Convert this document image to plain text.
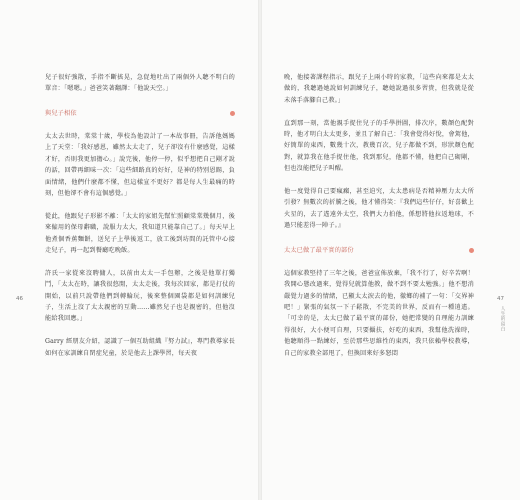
兒子很好強散，手指不斷搖晃，急促地吐出了兩個外人聽不明白的單音：「嗯嗯。」爸爸笑著翻譯：「他說天空。」

與兒子相依

太太去世時，棠棠十歲，學校為他設計了一本故事冊，告訴他媽媽上了天堂：「我好感恩，雖然太太走了，兒子卻沒有什麼感覺，這樣才好，否則我更加擔心。」說完後，他停一停，似乎想把自己剛才說的話，回帶再細味一次：「這些細路真的好好，是神的特別恩賜，負面情緒，他們什麼都不懂，但這樣宣不更好？都是每人生最痛的時刻，但他卻不會有這個感覺。」

從此，他跟兒子形影不離：「太太的家姐先幫忙照顧棠棠幾個月，後來僱用的保母辭職，說服力太大，我知道只能靠自己了。」每天早上他煮個香蕉麵餅，送兒子上學後返工，放工後到坊間的託管中心接走兒子，再一起到餐廳吃晚飯。

許氏一家從來沒聘傭人，以前由太太一手包辦，之後是他單打獨鬥，「太太在時，讓我很悠閒，太太走後，我每次回家，都是打仗的開始，以前只說帶他們到轉輪玩，後來整個園袋都是如何訓練兒子，生活上沒了太太親密的互動……雖然兒子也是親密的，但他沒能給我回應。」

Garry 經朋友介紹，認識了一個互助組織『努力試』，專門教導家長如何在家訓練自閉症兒童，於是他去上課學習，每天夜

46

晚，他接著課程指示，跟兒子上兩小時的家教，「這些向來都是太太做的，我聽過她說如何訓練兒子，聽她說過很多習貴，但我就是從未落手落腳自己教。」

直到那一刻，當他親手捉住兒子的手學拼圖，排次序，數顏色配對時，他才明白太太更多，並且了解自己：「我會覺得好悅，會駕他，好簡單的東西，數幾十次，教幾百次，兒子都做不到，形狀顏色配對，就算我在他手捉住他，我到那兒，他都不懂，他把自己砌剛，但也沒能把兒子叫醒。

他一度覺得自己要瘋癲，甚至迫究，太太患病是否精神壓力太大所引發？無數次的折騰之後，他才懂得笑：『我們這些仔仔，好喜歡上火星的，去了遙遠外太空，我們大力拍他，係想將他拉返地球，不過只能差得一陣子。』

太太已做了最平實的部份

這個家教堅持了三年之後，爸爸宣佈放棄，「我不行了，好辛苦啊！我開心態改過來，覺得兒就算他教，做不到不要太勉強。」他不想消嚴覺力過多的情緒，已顯太太淚去的他，徹鄉的補了一句：「交界神吧！」緊張的氣氛一下子鬆散，不完美的世界，反而有一種逍遙。「可幸的是，太太已做了最平實的部份，她把常變的自理能力訓練得很好，大小便可自理，只要攝扶，好吃的東西，我幫他洗澡時，他聽順得一點練好，至於那些思維性的東西，我只依賴學校教導，自己的家教全部甩了，但換回來好多怒悶

47
人生的留白
